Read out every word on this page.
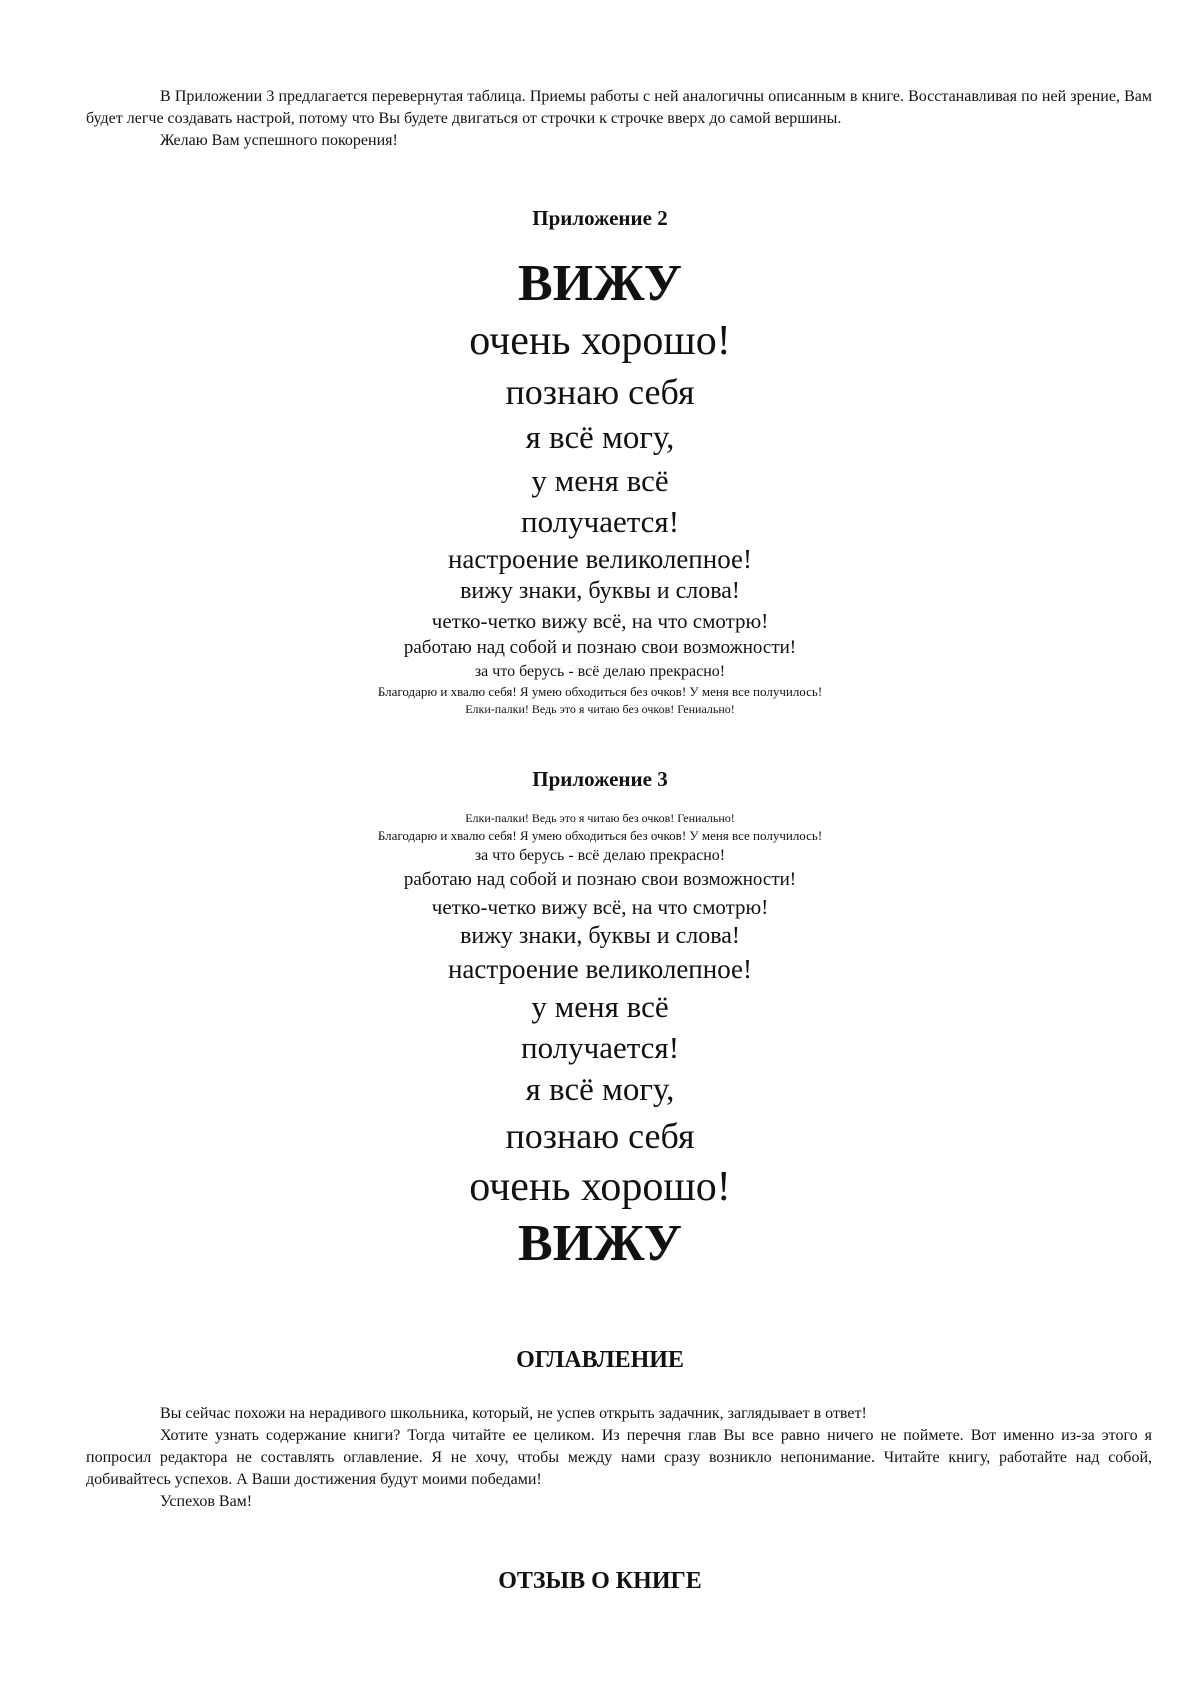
В Приложении 3 предлагается перевернутая таблица. Приемы работы с ней аналогичны описанным в книге. Восстанавливая по ней зрение, Вам будет легче создавать настрой, потому что Вы будете двигаться от строчки к строчке вверх до самой вершины.

Желаю Вам успешного покорения!

Приложение 2
ВИЖУ
очень хорошо!
познаю себя
я всё могу,
у меня всё
получается!
настроение великолепное!
вижу знаки, буквы и слова!
четко-четко вижу всё, на что смотрю!
работаю над собой и познаю свои возможности!
за что берусь - всё делаю прекрасно!
Благодарю и хвалю себя! Я умею обходиться без очков! У меня все получилось!
Елки-палки! Ведь это я читаю без очков! Гениально!
Приложение 3
Елки-палки! Ведь это я читаю без очков! Гениально!
Благодарю и хвалю себя! Я умею обходиться без очков! У меня все получилось!
за что берусь - всё делаю прекрасно!
работаю над собой и познаю свои возможности!
четко-четко вижу всё, на что смотрю!
вижу знаки, буквы и слова!
настроение великолепное!
у меня всё
получается!
я всё могу,
познаю себя
очень хорошо!
ВИЖУ
ОГЛАВЛЕНИЕ

Вы сейчас похожи на нерадивого школьника, который, не успев открыть задачник, заглядывает в ответ!

Хотите узнать содержание книги? Тогда читайте ее целиком. Из перечня глав Вы все равно ничего не поймете. Вот именно из-за этого я попросил редактора не составлять оглавление. Я не хочу, чтобы между нами сразу возникло непонимание. Читайте книгу, работайте над собой, добивайтесь успехов. А Ваши достижения будут моими победами!

Успехов Вам!

ОТЗЫВ О КНИГЕ
